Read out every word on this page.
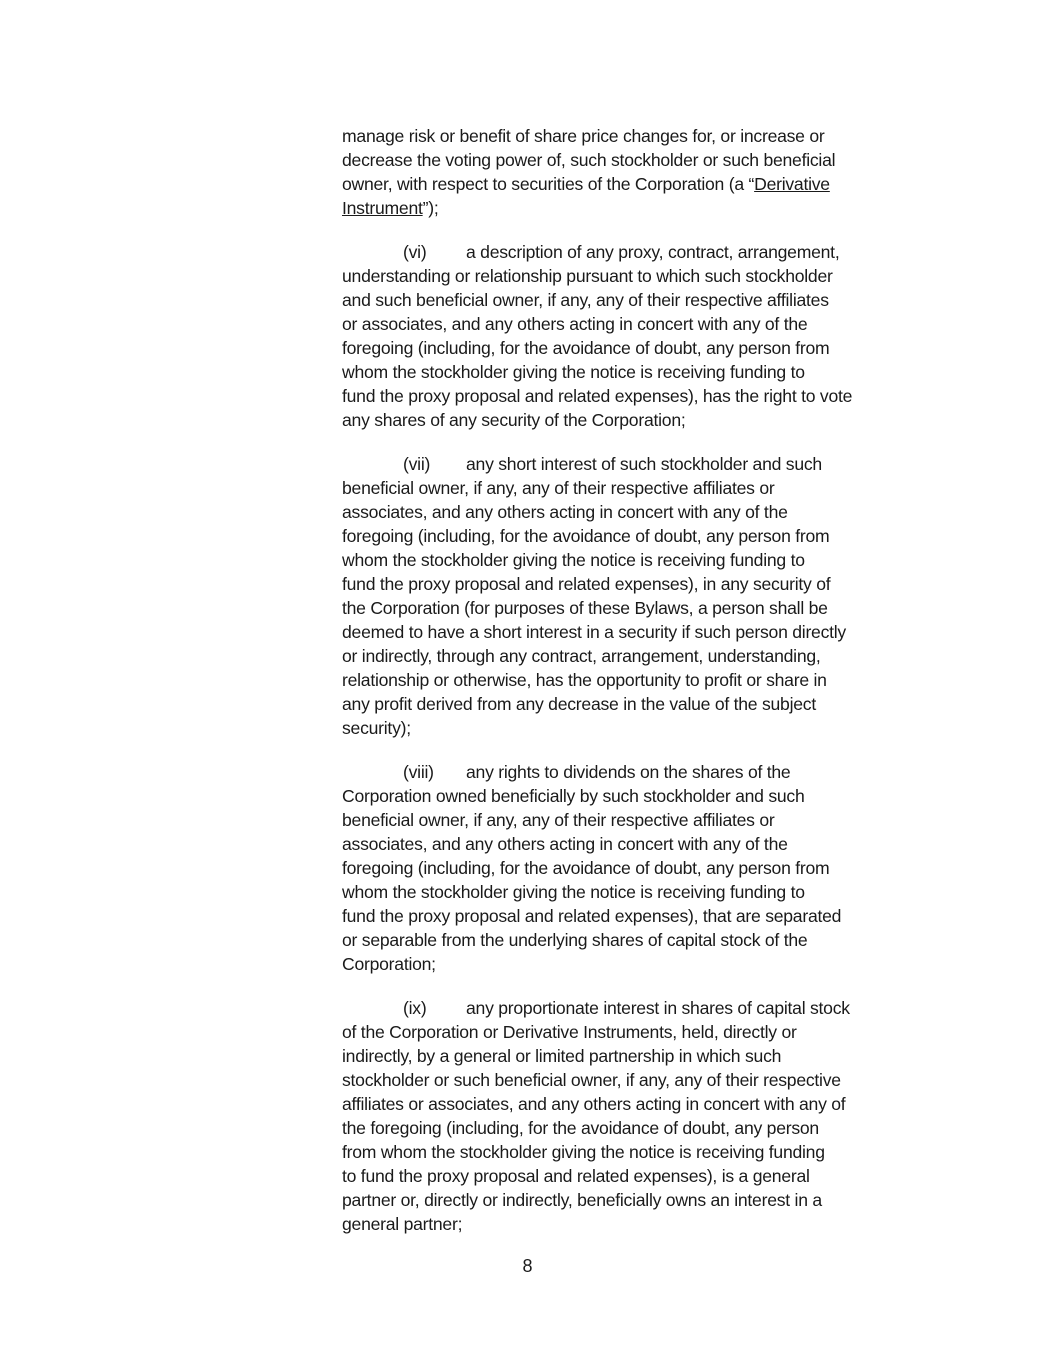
manage risk or benefit of share price changes for, or increase or
decrease the voting power of, such stockholder or such beneficial
owner, with respect to securities of the Corporation (a “Derivative
Instrument”);
(vi) a description of any proxy, contract, arrangement,
understanding or relationship pursuant to which such stockholder
and such beneficial owner, if any, any of their respective affiliates
or associates, and any others acting in concert with any of the
foregoing (including, for the avoidance of doubt, any person from
whom the stockholder giving the notice is receiving funding to
fund the proxy proposal and related expenses), has the right to vote
any shares of any security of the Corporation;
(vii) any short interest of such stockholder and such
beneficial owner, if any, any of their respective affiliates or
associates, and any others acting in concert with any of the
foregoing (including, for the avoidance of doubt, any person from
whom the stockholder giving the notice is receiving funding to
fund the proxy proposal and related expenses), in any security of
the Corporation (for purposes of these Bylaws, a person shall be
deemed to have a short interest in a security if such person directly
or indirectly, through any contract, arrangement, understanding,
relationship or otherwise, has the opportunity to profit or share in
any profit derived from any decrease in the value of the subject
security);
(viii) any rights to dividends on the shares of the
Corporation owned beneficially by such stockholder and such
beneficial owner, if any, any of their respective affiliates or
associates, and any others acting in concert with any of the
foregoing (including, for the avoidance of doubt, any person from
whom the stockholder giving the notice is receiving funding to
fund the proxy proposal and related expenses), that are separated
or separable from the underlying shares of capital stock of the
Corporation;
(ix) any proportionate interest in shares of capital stock
of the Corporation or Derivative Instruments, held, directly or
indirectly, by a general or limited partnership in which such
stockholder or such beneficial owner, if any, any of their respective
affiliates or associates, and any others acting in concert with any of
the foregoing (including, for the avoidance of doubt, any person
from whom the stockholder giving the notice is receiving funding
to fund the proxy proposal and related expenses), is a general
partner or, directly or indirectly, beneficially owns an interest in a
general partner;
8
